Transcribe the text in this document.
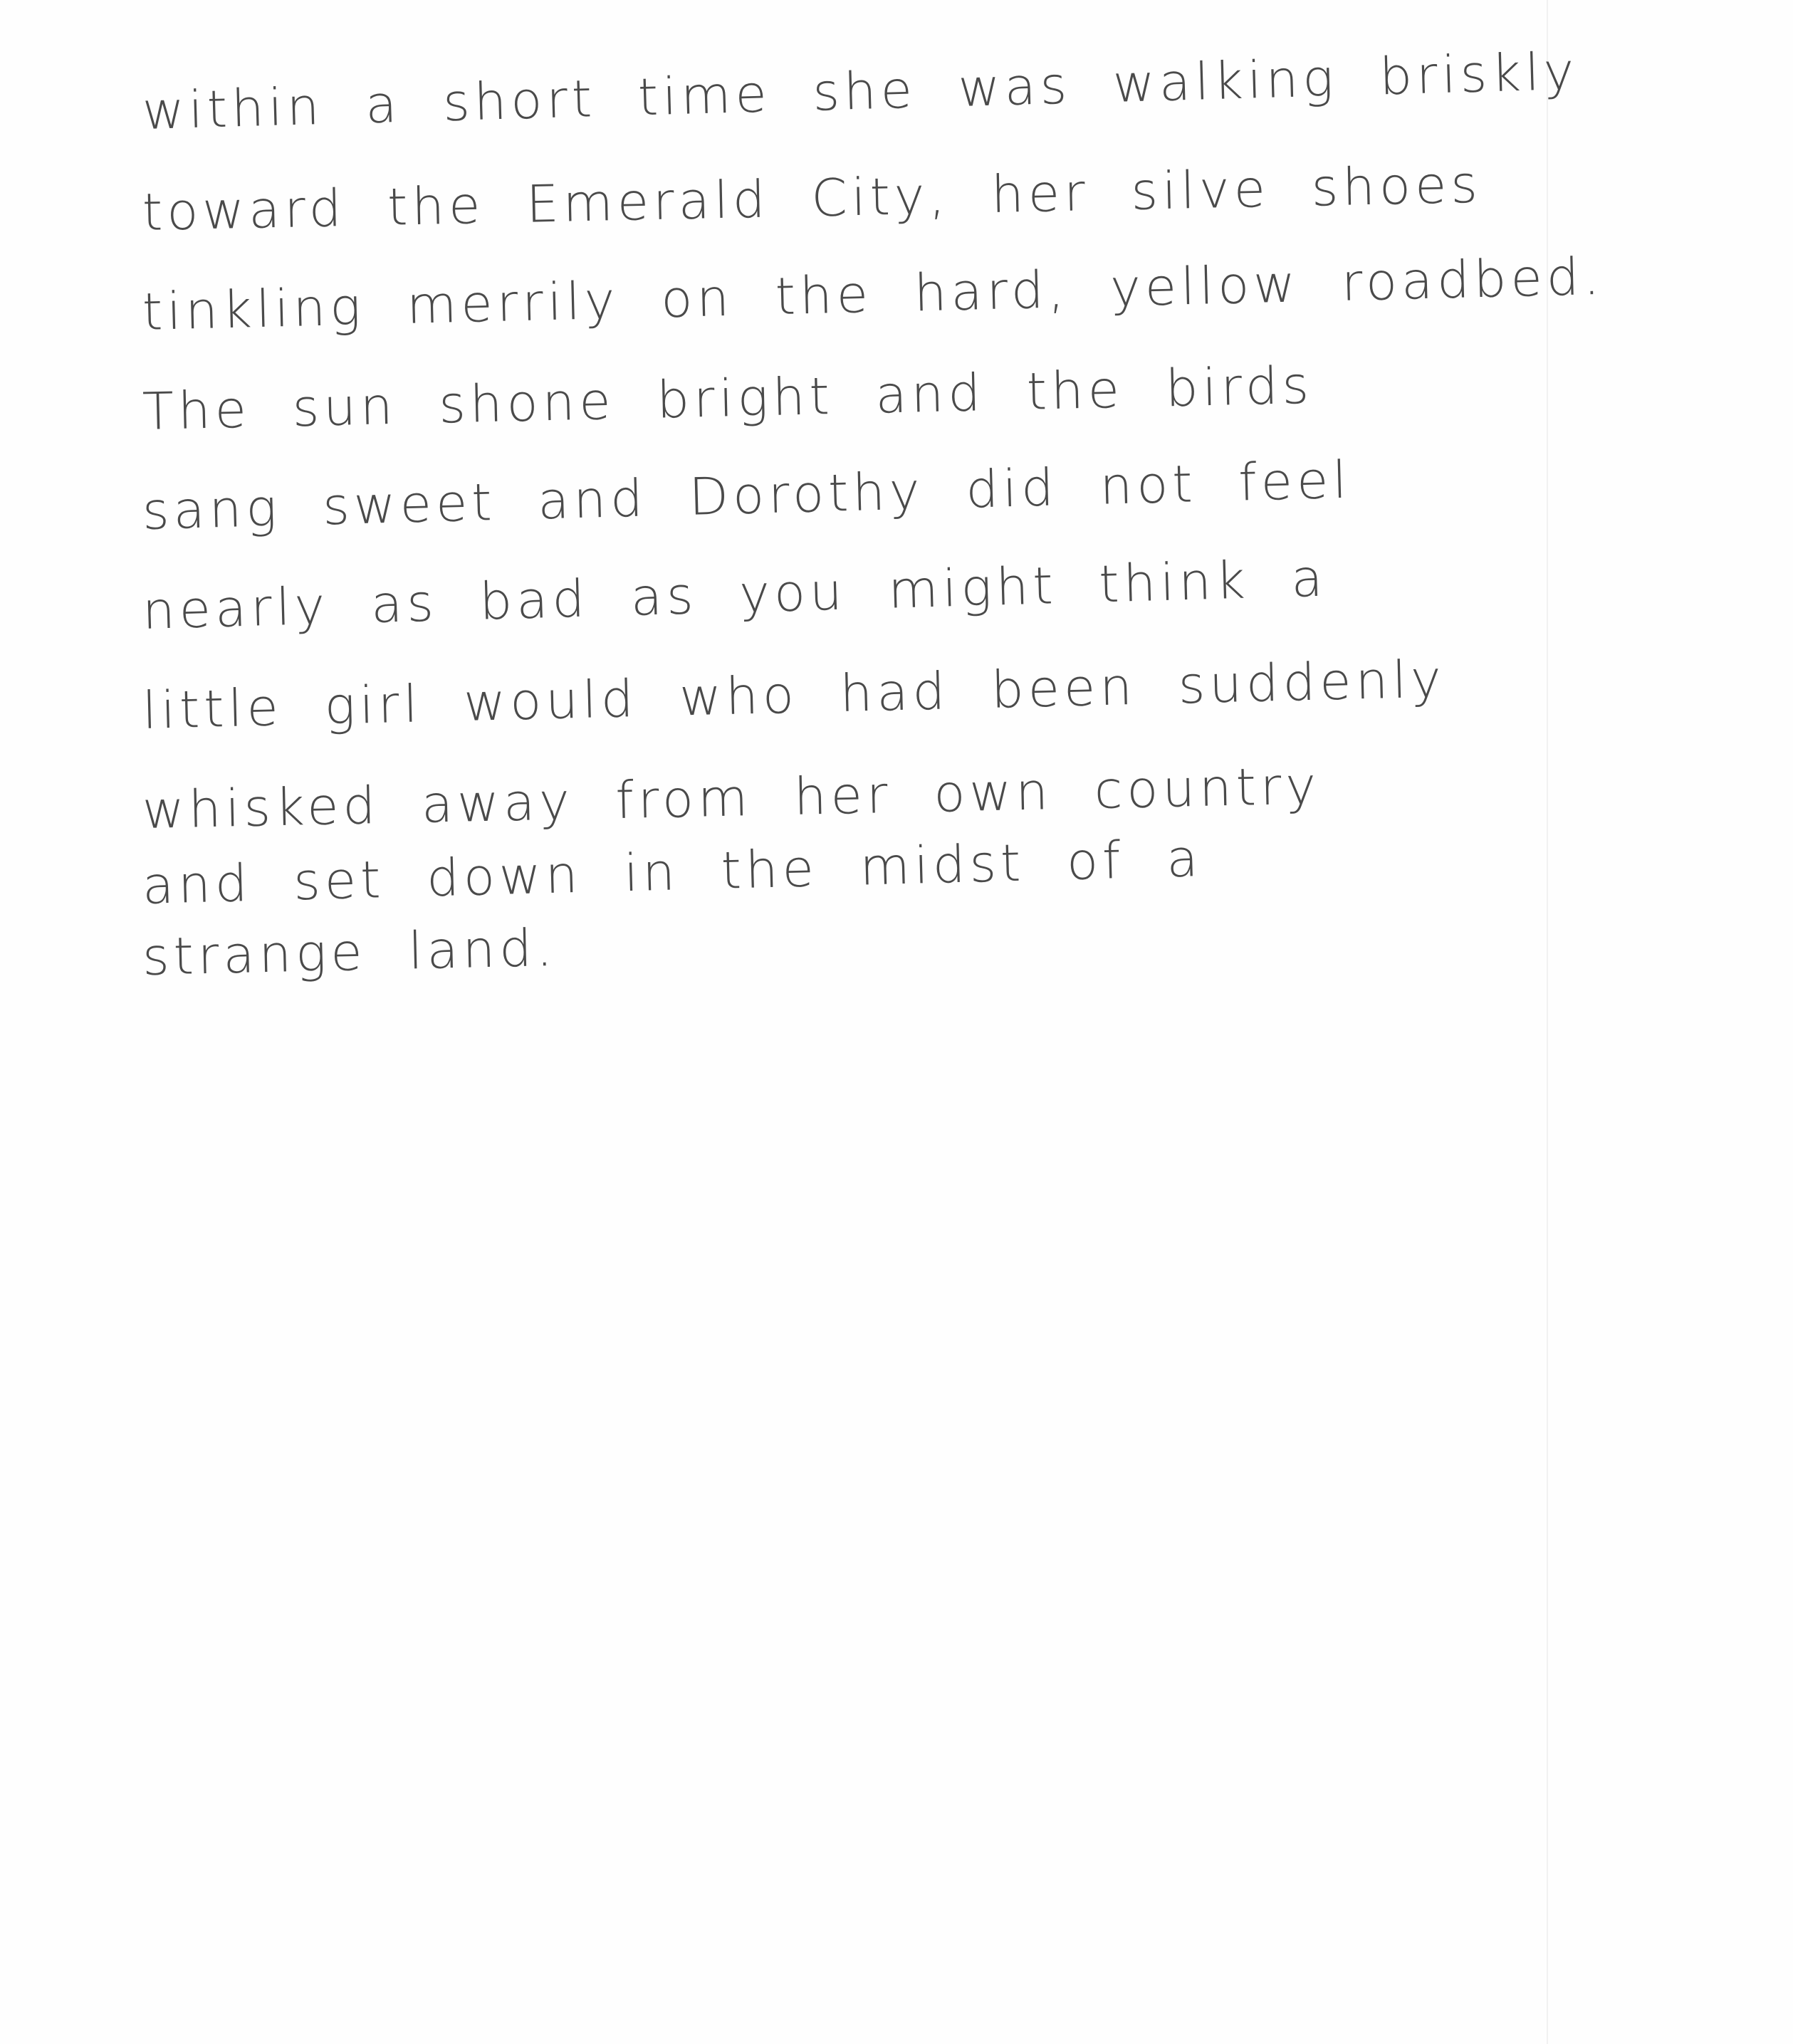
within a short time she was walking briskly
toward the Emerald City, her silve shoes
tinkling merrily on the hard, yellow roadbed.
The sun shone bright and the birds
sang sweet and Dorothy did not feel
nearly as bad as you might think a
little girl would who had been suddenly
whisked away from her own country
and set down in the midst of a
strange land.
